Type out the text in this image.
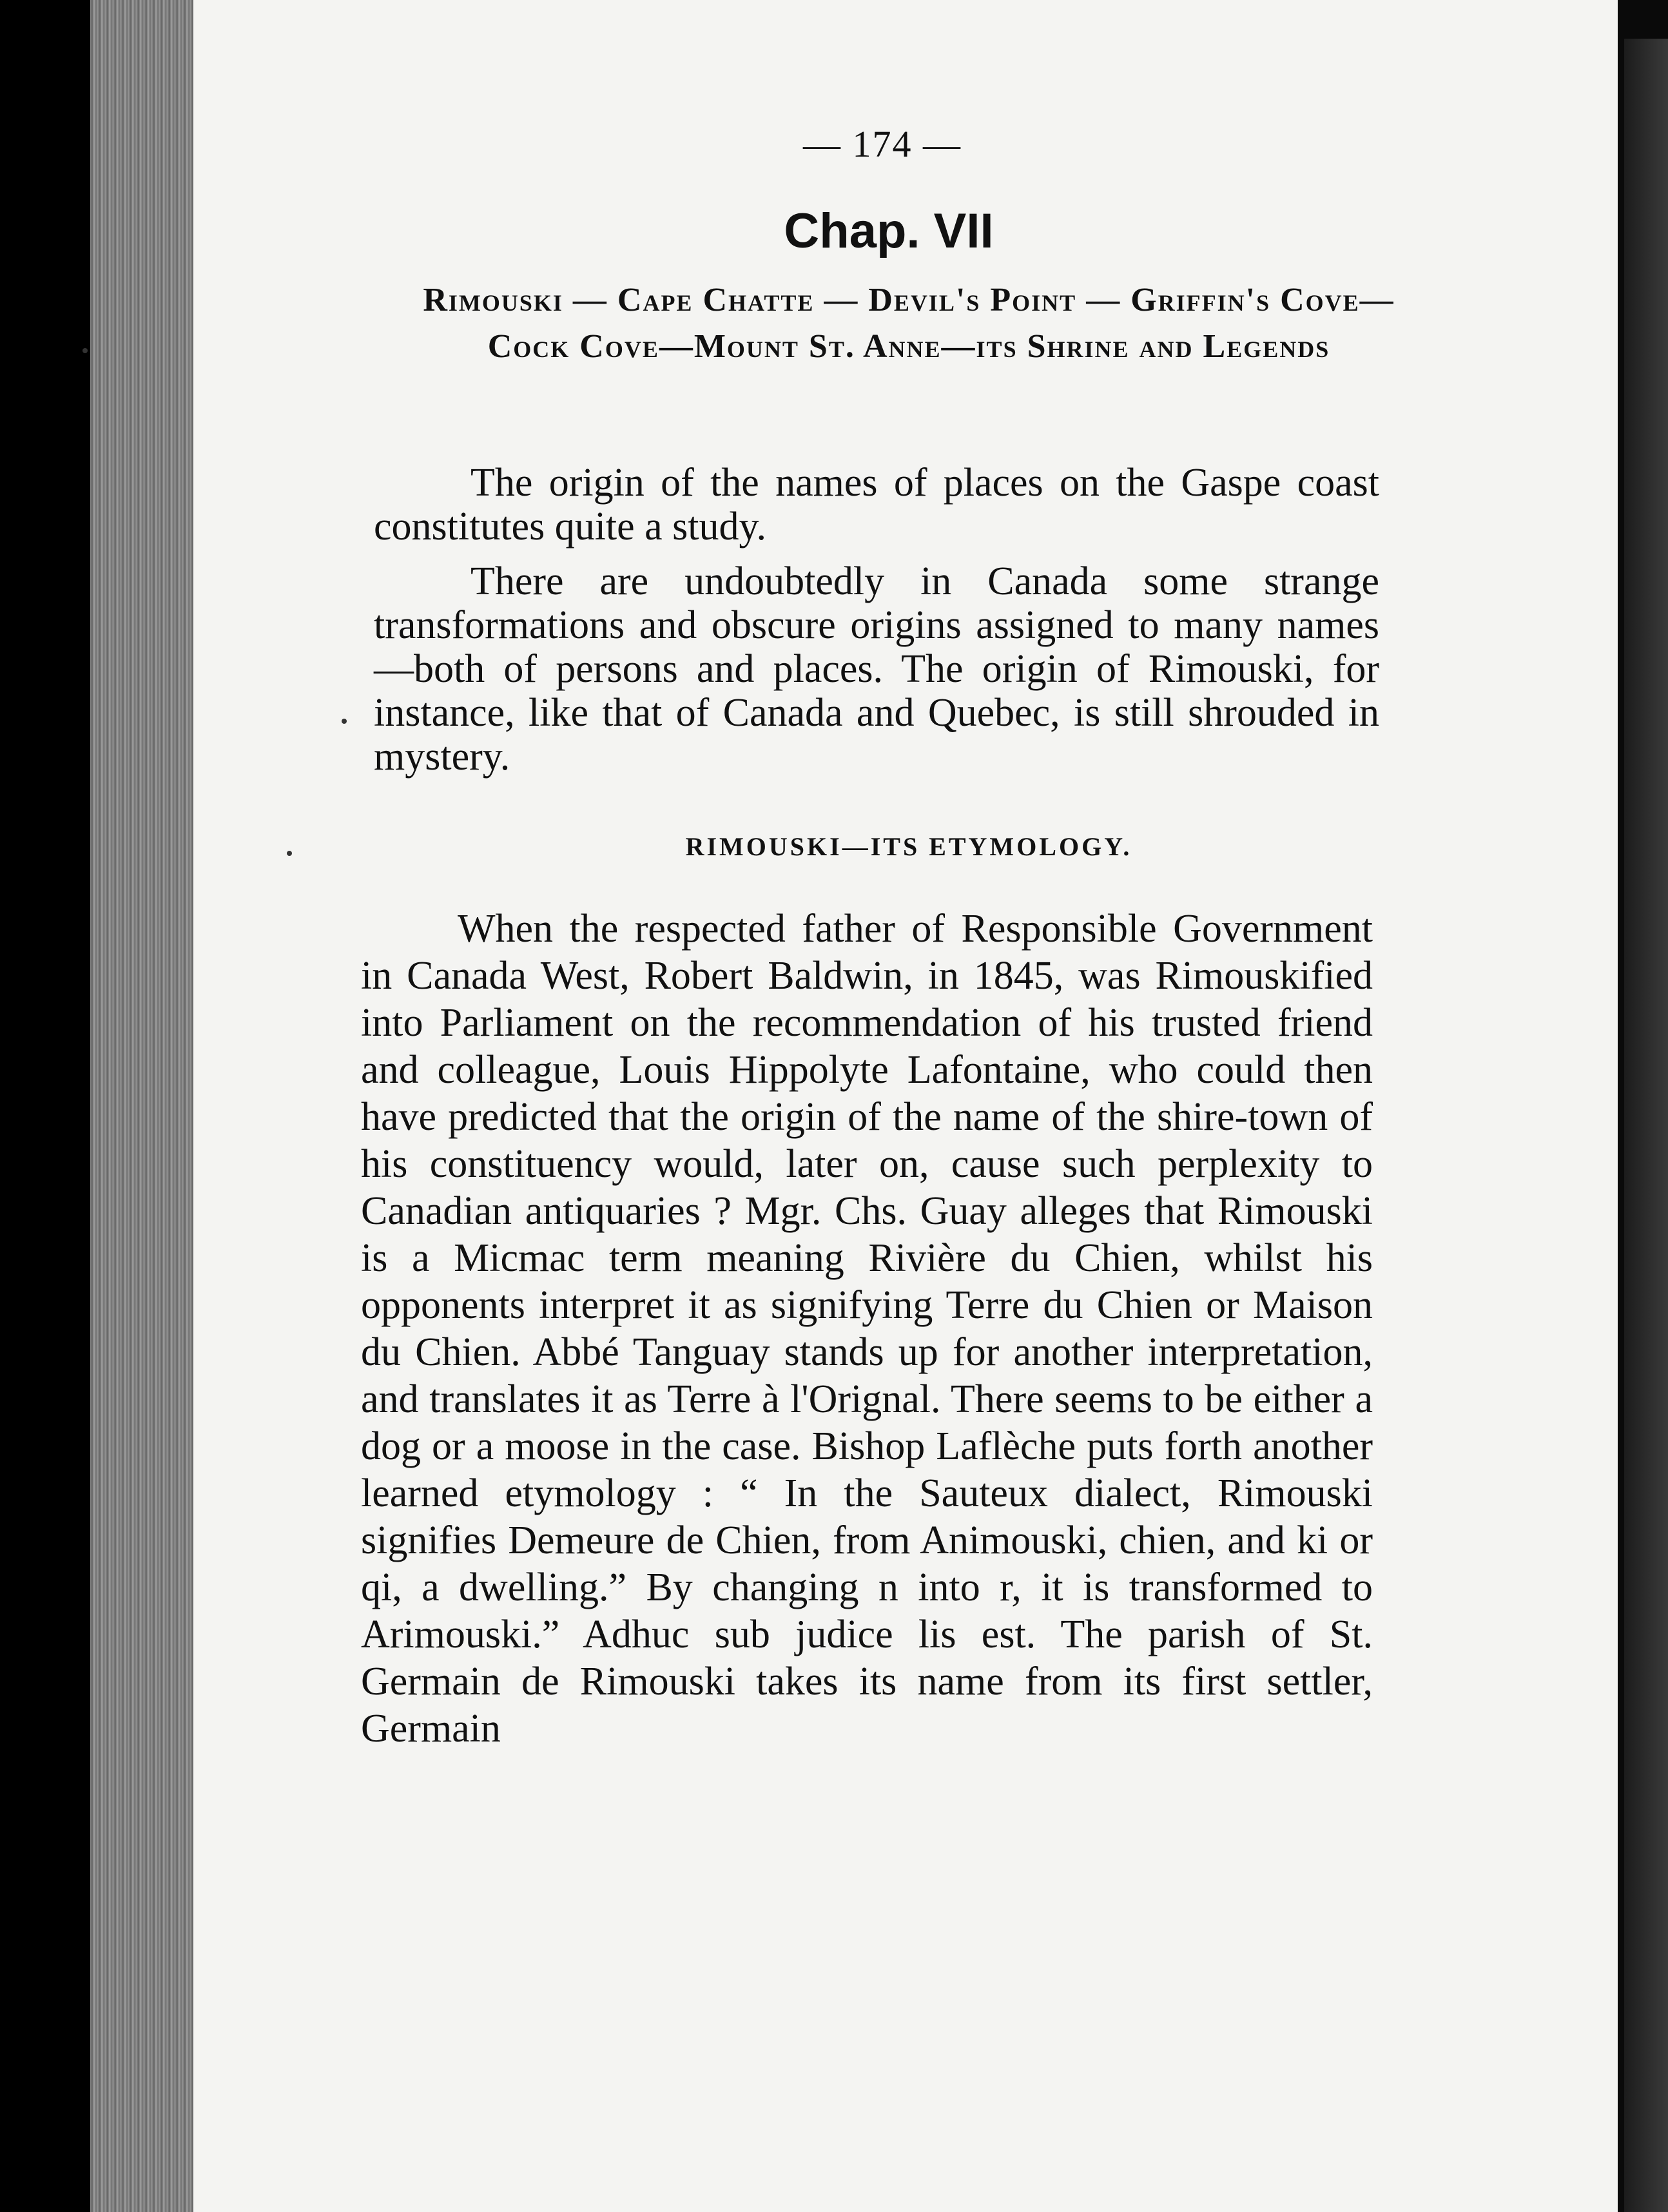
— 174 —
Chap. VII
Rimouski — Cape Chatte — Devil's Point — Griffin's Cove—Cock Cove—Mount St. Anne—its Shrine and Legends
The origin of the names of places on the Gaspe coast constitutes quite a study.
There are undoubtedly in Canada some strange transformations and obscure origins assigned to many names—both of persons and places. The origin of Rimouski, for instance, like that of Canada and Quebec, is still shrouded in mystery.
RIMOUSKI—ITS ETYMOLOGY.
When the respected father of Responsible Government in Canada West, Robert Baldwin, in 1845, was Rimouskified into Parliament on the recommendation of his trusted friend and colleague, Louis Hippolyte Lafontaine, who could then have predicted that the origin of the name of the shire-town of his constituency would, later on, cause such perplexity to Canadian antiquaries ? Mgr. Chs. Guay alleges that Rimouski is a Micmac term meaning Rivière du Chien, whilst his opponents interpret it as signifying Terre du Chien or Maison du Chien. Abbé Tanguay stands up for another interpretation, and translates it as Terre à l'Orignal. There seems to be either a dog or a moose in the case. Bishop Laflèche puts forth another learned etymology : “ In the Sauteux dialect, Rimouski signifies Demeure de Chien, from Animouski, chien, and ki or qi, a dwelling.” By changing n into r, it is transformed to Arimouski.” Adhuc sub judice lis est. The parish of St. Germain de Rimouski takes its name from its first settler, Germain
